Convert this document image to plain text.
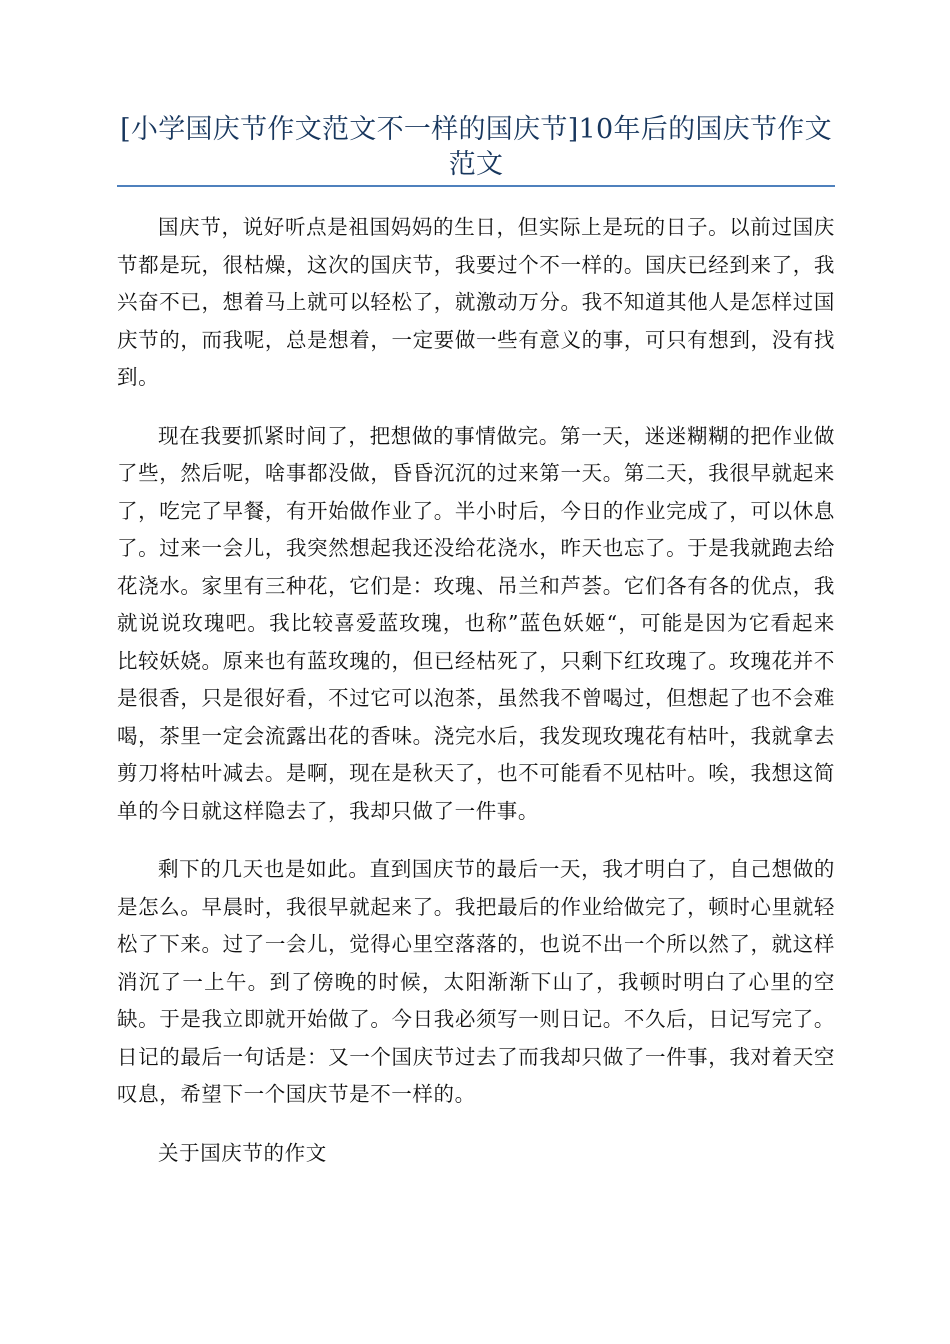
[小学国庆节作文范文不一样的国庆节]10年后的国庆节作文范文

国庆节，说好听点是祖国妈妈的生日，但实际上是玩的日子。以前过国庆节都是玩，很枯燥，这次的国庆节，我要过个不一样的。国庆已经到来了，我兴奋不已，想着马上就可以轻松了，就激动万分。我不知道其他人是怎样过国庆节的，而我呢，总是想着，一定要做一些有意义的事，可只有想到，没有找到。

现在我要抓紧时间了，把想做的事情做完。第一天，迷迷糊糊的把作业做了些，然后呢，啥事都没做，昏昏沉沉的过来第一天。第二天，我很早就起来了，吃完了早餐，有开始做作业了。半小时后，今日的作业完成了，可以休息了。过来一会儿，我突然想起我还没给花浇水，昨天也忘了。于是我就跑去给花浇水。家里有三种花，它们是：玫瑰、吊兰和芦荟。它们各有各的优点，我就说说玫瑰吧。我比较喜爱蓝玫瑰，也称”蓝色妖姬“，可能是因为它看起来比较妖娆。原来也有蓝玫瑰的，但已经枯死了，只剩下红玫瑰了。玫瑰花并不是很香，只是很好看，不过它可以泡茶，虽然我不曾喝过，但想起了也不会难喝，茶里一定会流露出花的香味。浇完水后，我发现玫瑰花有枯叶，我就拿去剪刀将枯叶减去。是啊，现在是秋天了，也不可能看不见枯叶。唉，我想这简单的今日就这样隐去了，我却只做了一件事。

剩下的几天也是如此。直到国庆节的最后一天，我才明白了，自己想做的是怎么。早晨时，我很早就起来了。我把最后的作业给做完了，顿时心里就轻松了下来。过了一会儿，觉得心里空落落的，也说不出一个所以然了，就这样消沉了一上午。到了傍晚的时候，太阳渐渐下山了，我顿时明白了心里的空缺。于是我立即就开始做了。今日我必须写一则日记。不久后，日记写完了。日记的最后一句话是：又一个国庆节过去了而我却只做了一件事，我对着天空叹息，希望下一个国庆节是不一样的。

关于国庆节的作文
